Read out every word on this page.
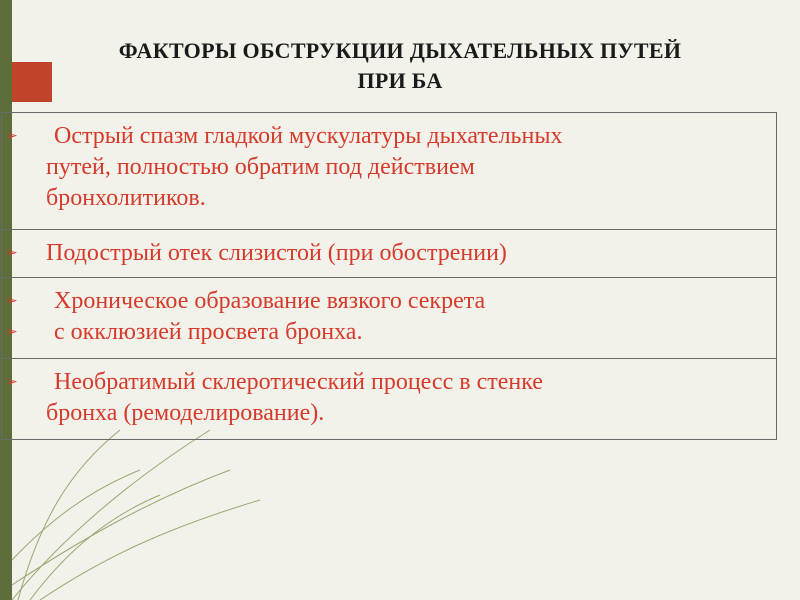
ФАКТОРЫ ОБСТРУКЦИИ ДЫХАТЕЛЬНЫХ ПУТЕЙ
ПРИ БА
➢ Острый спазм гладкой мускулатуры дыхательных
путей, полностью обратим под действием
бронхолитиков.

➢ Подострый отек слизистой (при обострении)

➢ Хроническое образование вязкого секрета
➢ с окклюзией просвета бронха.

➢ Необратимый склеротический процесс в стенке
бронха (ремоделирование).
